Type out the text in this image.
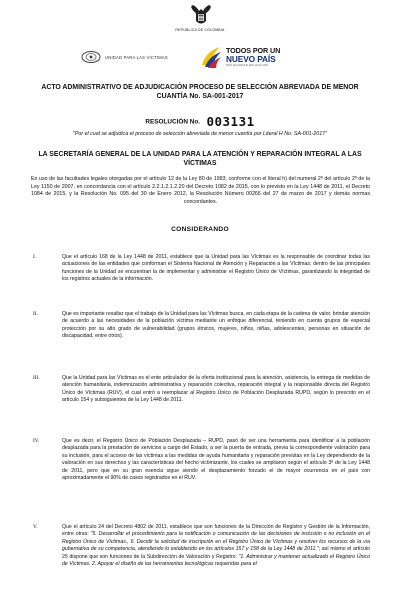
REPÚBLICA DE COLOMBIA
UNIDAD PARA LAS VÍCTIMAS
TODOS POR UN
NUEVO PAÍS
PAZ EQUIDAD EDUCACIÓN
ACTO ADMINISTRATIVO DE ADJUDICACIÓN PROCESO DE SELECCIÓN ABREVIADA DE MENOR CUANTÍA No. SA-001-2017
RESOLUCIÓN No. 003131
"Por el cual se adjudica el proceso de selección abreviada de menor cuantía por Literal H No. SA-001-2017"
LA SECRETARÍA GENERAL DE LA UNIDAD PARA LA ATENCIÓN Y REPARACIÓN INTEGRAL A LAS VÍCTIMAS
En uso de las facultades legales otorgadas por el artículo 12 de la Ley 80 de 1993, conforme con el literal h) del numeral 2º del artículo 2º de la Ley 1150 de 2007, en concordancia con el artículo 2.2.1.2.1.2.20 del Decreto 1082 de 2015, con lo previsto en la Ley 1448 de 2011, el Decreto 1084 de 2015, y la Resolución No. 095 del 30 de Enero 2012, la Resolución Número 00266 del 27 de marzo de 2017 y demás normas concordantes.
CONSIDERANDO
I.	Que el artículo 168 de la Ley 1448 de 2011, establece que la Unidad para las Víctimas es la responsable de coordinar todas las actuaciones de las entidades que conforman el Sistema Nacional de Atención y Reparación a las Víctimas; dentro de las principales funciones de la Unidad se encuentran la de implementar y administrar el Registro Único de Víctimas, garantizando la integridad de los registros actuales de la información.
II.	Que es importante resaltar que el trabajo de la Unidad para las Víctimas busca, en cada etapa de la cadena de valor, brindar atención de acuerdo a las necesidades de la población víctima mediante un enfoque diferencial, teniendo en cuenta grupos de especial protección por su alto grado de vulnerabilidad (grupos étnicos, mujeres, niños, niñas, adolescentes, personas en situación de discapacidad, entre otros).
III.	Que la Unidad para las Víctimas es el ente articulador de la oferta institucional para la atención, asistencia, la entrega de medidas de atención humanitaria, indemnización administrativa y reparación colectiva, reparación integral y la responsable directa del Registro Único de Víctimas (RUV), el cual entró a reemplazar al Registro Único de Población Desplazada RUPD, según lo prescrito en el artículo 154 y subsiguientes de la Ley 1448 de 2011.
IV.	Que es decir, el Registro Único de Población Desplazada – RUPD, pasó de ser una herramienta para identificar a la población desplazada para la prestación de servicios a cargo del Estado, a ser la puerta de entrada, previa la correspondiente valoración para su inclusión, para el acceso de las víctimas a las medidas de ayuda humanitaria y reparación previstas en la Ley dependiendo de la valoración en sus derechos y las características del hecho victimizante, los cuales se ampliaron según el artículo 3º de la Ley 1448 de 2011, pero que en su gran esencia sigue siendo el desplazamiento forzado el de mayor ocurrencia en el país con aproximadamente el 90% de casos registrados en el RUV.
V.	Que el artículo 24 del Decreto 4802 de 2011, establece que son funciones de la Dirección de Registro y Gestión de la Información, entre otras: "5. Desarrollar el procedimiento para la notificación o comunicación de las decisiones de inclusión o no inclusión en el Registro Único de Víctimas., 6. Decidir la solicitud de inscripción en el Registro Único de Víctimas y resolver los recursos de la vía gubernativa de su competencia, atendiendo lo establecido en los artículos 157 y 158 de la Ley 1448 de 2011."; así mismo el artículo 25 dispone que son funciones de la Subdirección de Valoración y Registro: "1. Administrar y mantener actualizado el Registro Único de Víctimas. 2. Apoyar el diseño de las herramientas tecnológicas requeridas para el
